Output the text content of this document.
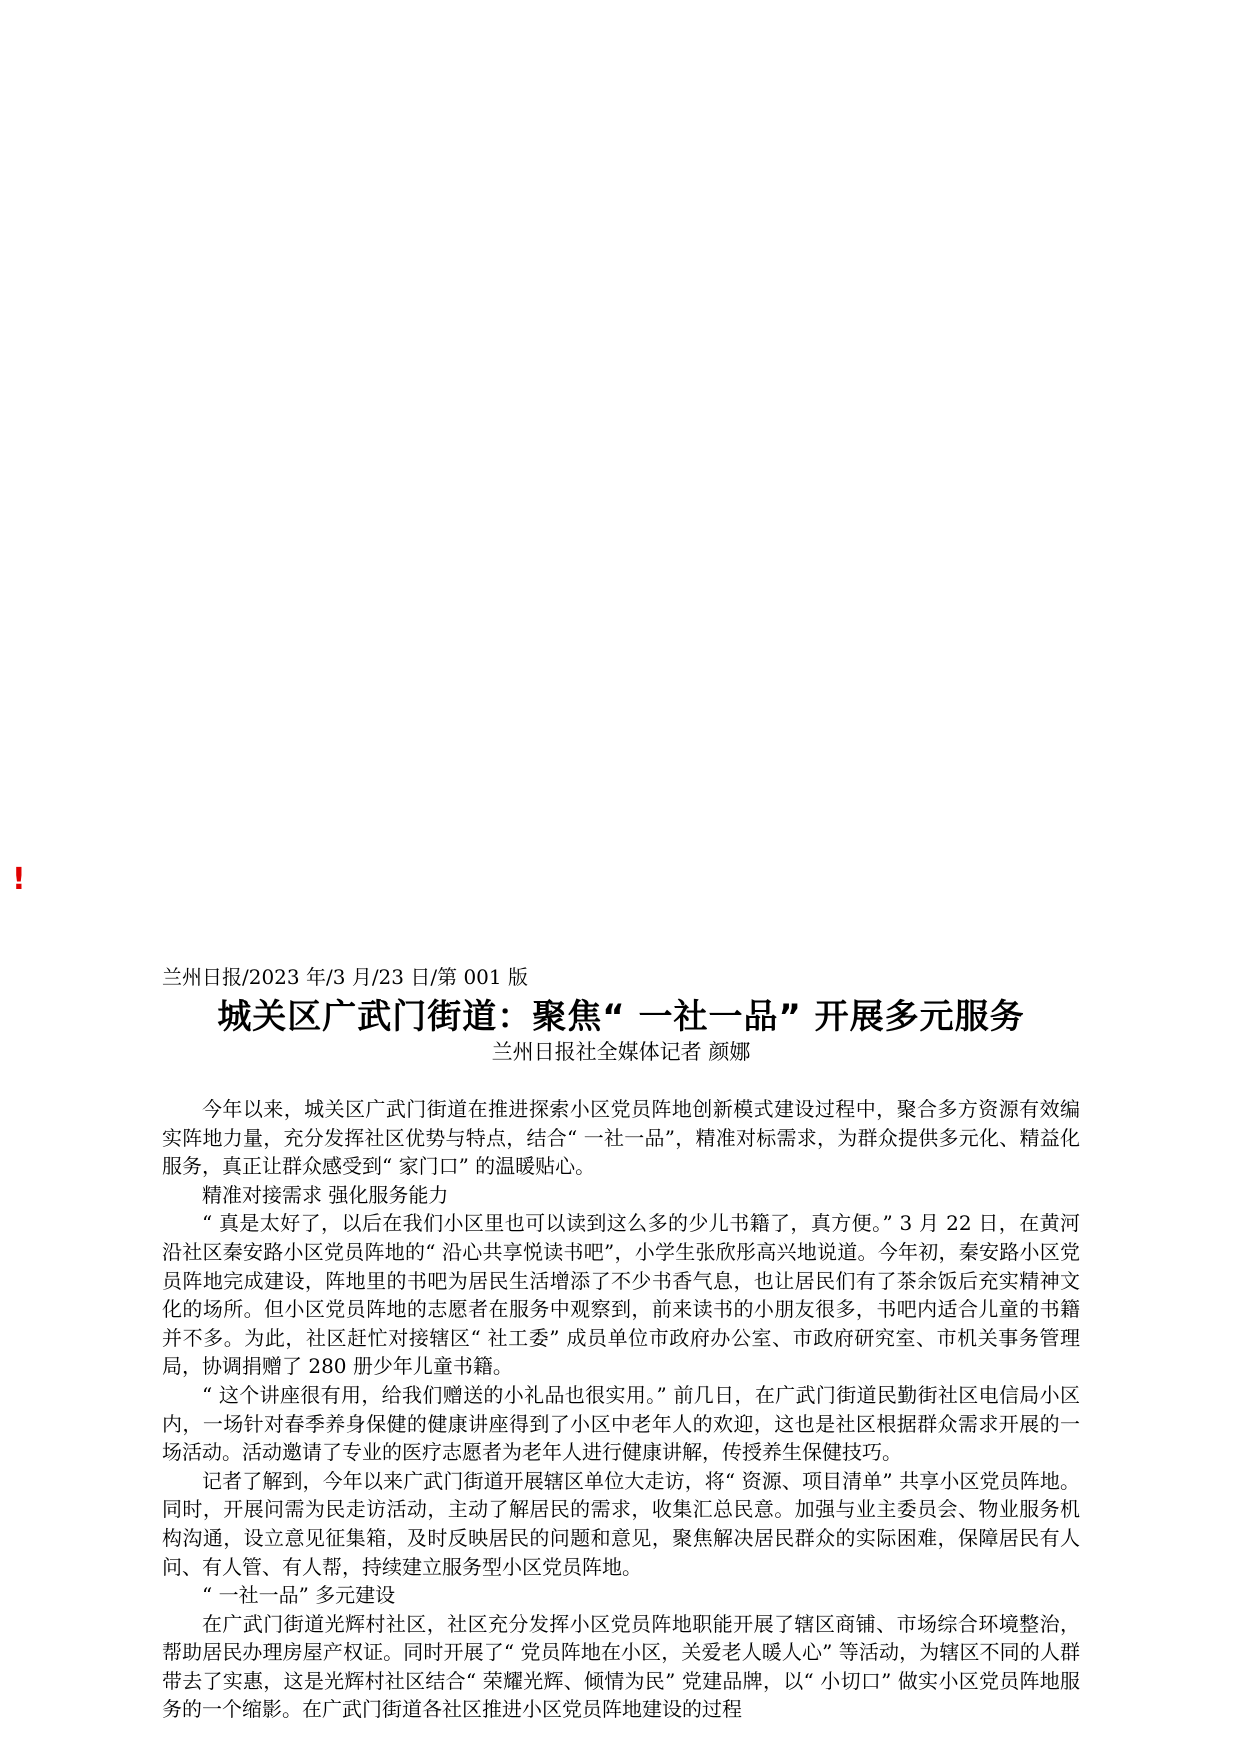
!
兰州日报/2023 年/3 月/23 日/第 001 版
城关区广武门街道：聚焦“ 一社一品” 开展多元服务
兰州日报社全媒体记者 颜娜

今年以来，城关区广武门街道在推进探索小区党员阵地创新模式建设过程中，聚合多方资源有效编实阵地力量，充分发挥社区优势与特点，结合“ 一社一品”，精准对标需求，为群众提供多元化、精益化服务，真正让群众感受到“ 家门口” 的温暖贴心。

精准对接需求 强化服务能力

“ 真是太好了，以后在我们小区里也可以读到这么多的少儿书籍了，真方便。” 3 月 22 日，在黄河沿社区秦安路小区党员阵地的“ 沿心共享悦读书吧”，小学生张欣彤高兴地说道。今年初，秦安路小区党员阵地完成建设，阵地里的书吧为居民生活增添了不少书香气息，也让居民们有了茶余饭后充实精神文化的场所。但小区党员阵地的志愿者在服务中观察到，前来读书的小朋友很多，书吧内适合儿童的书籍并不多。为此，社区赶忙对接辖区“ 社工委” 成员单位市政府办公室、市政府研究室、市机关事务管理局，协调捐赠了 280 册少年儿童书籍。

“ 这个讲座很有用，给我们赠送的小礼品也很实用。” 前几日，在广武门街道民勤街社区电信局小区内，一场针对春季养身保健的健康讲座得到了小区中老年人的欢迎，这也是社区根据群众需求开展的一场活动。活动邀请了专业的医疗志愿者为老年人进行健康讲解，传授养生保健技巧。

记者了解到，今年以来广武门街道开展辖区单位大走访，将“ 资源、项目清单” 共享小区党员阵地。同时，开展问需为民走访活动，主动了解居民的需求，收集汇总民意。加强与业主委员会、物业服务机构沟通，设立意见征集箱，及时反映居民的问题和意见，聚焦解决居民群众的实际困难，保障居民有人问、有人管、有人帮，持续建立服务型小区党员阵地。

“ 一社一品” 多元建设

在广武门街道光辉村社区，社区充分发挥小区党员阵地职能开展了辖区商铺、市场综合环境整治，帮助居民办理房屋产权证。同时开展了“ 党员阵地在小区，关爱老人暖人心” 等活动，为辖区不同的人群带去了实惠，这是光辉村社区结合“ 荣耀光辉、倾情为民” 党建品牌，以“ 小切口” 做实小区党员阵地服务的一个缩影。在广武门街道各社区推进小区党员阵地建设的过程
